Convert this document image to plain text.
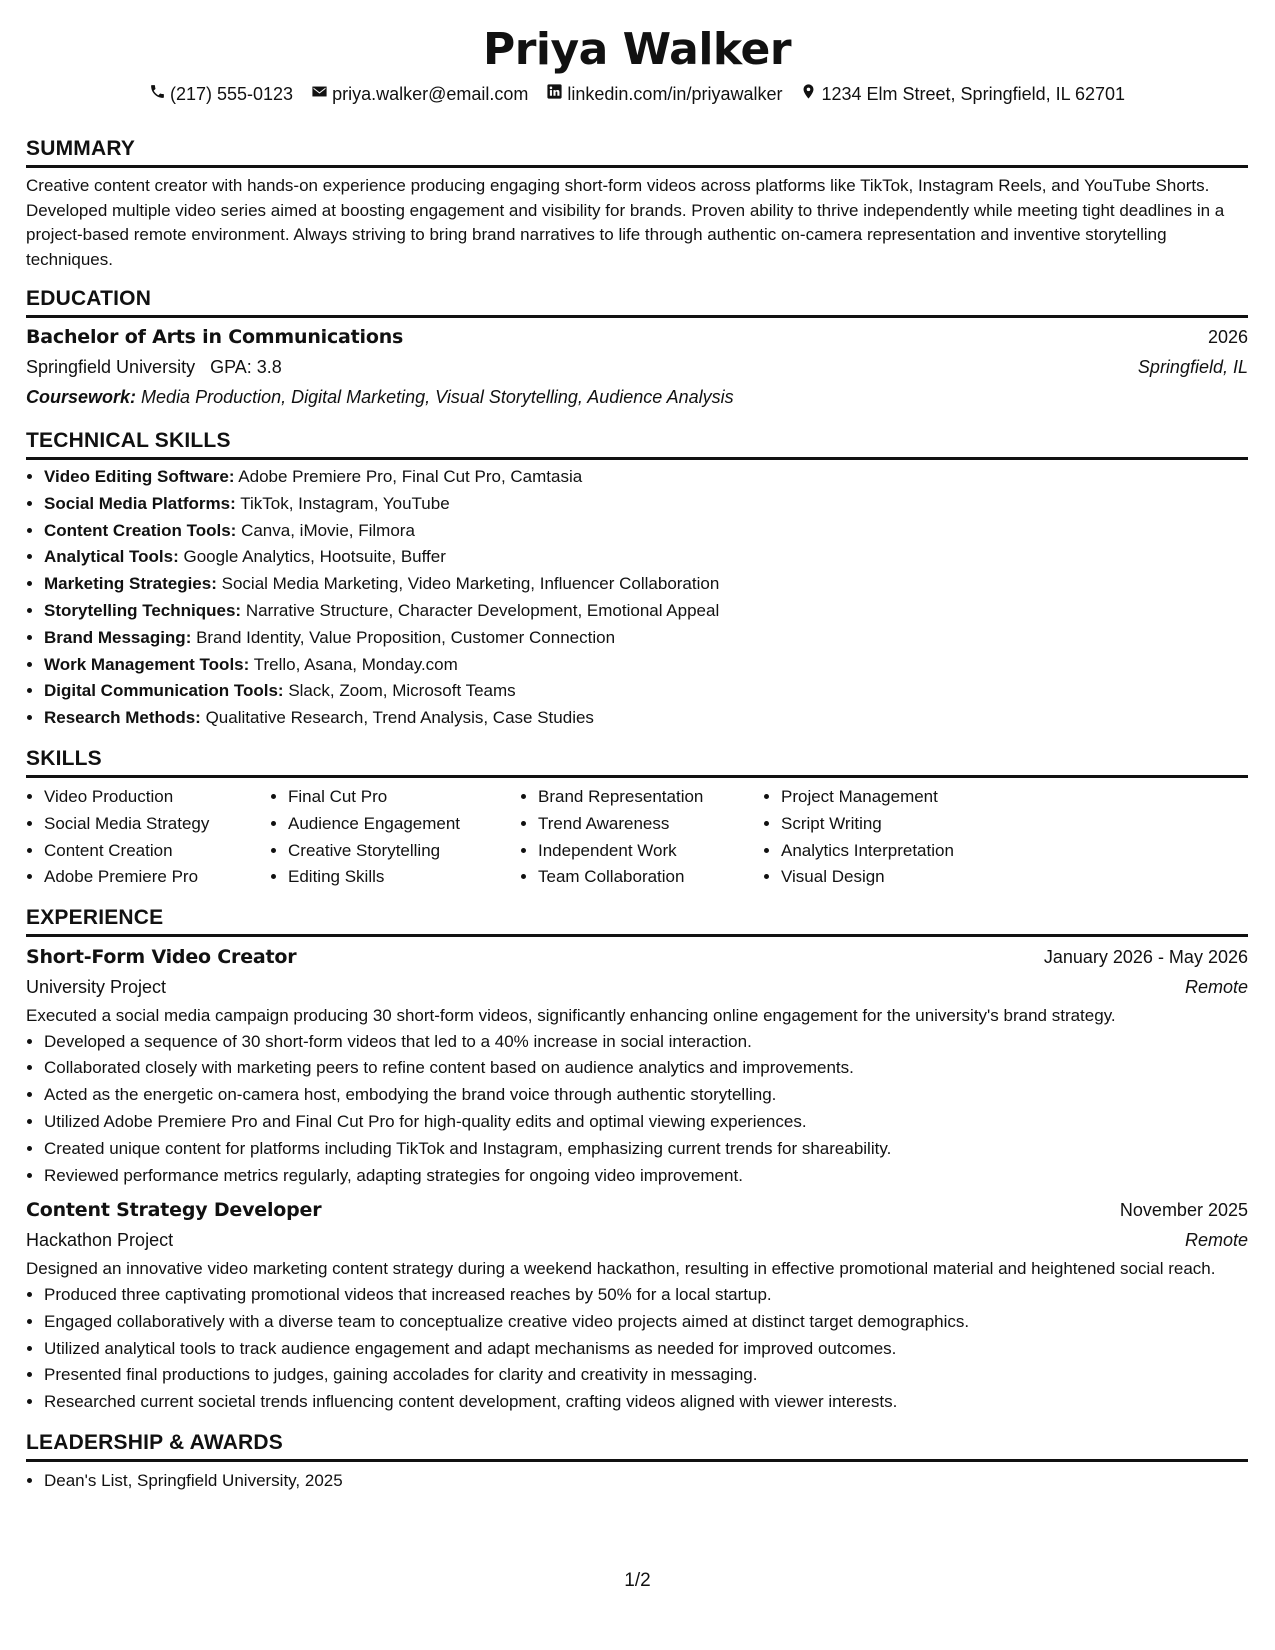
Priya Walker
(217) 555-0123 priya.walker@email.com linkedin.com/in/priyawalker 1234 Elm Street, Springfield, IL 62701
SUMMARY
Creative content creator with hands-on experience producing engaging short-form videos across platforms like TikTok, Instagram Reels, and YouTube Shorts. Developed multiple video series aimed at boosting engagement and visibility for brands. Proven ability to thrive independently while meeting tight deadlines in a project-based remote environment. Always striving to bring brand narratives to life through authentic on-camera representation and inventive storytelling techniques.
EDUCATION
Bachelor of Arts in Communications	2026
Springfield University GPA: 3.8	Springfield, IL
Coursework: Media Production, Digital Marketing, Visual Storytelling, Audience Analysis
TECHNICAL SKILLS
• Video Editing Software: Adobe Premiere Pro, Final Cut Pro, Camtasia
• Social Media Platforms: TikTok, Instagram, YouTube
• Content Creation Tools: Canva, iMovie, Filmora
• Analytical Tools: Google Analytics, Hootsuite, Buffer
• Marketing Strategies: Social Media Marketing, Video Marketing, Influencer Collaboration
• Storytelling Techniques: Narrative Structure, Character Development, Emotional Appeal
• Brand Messaging: Brand Identity, Value Proposition, Customer Connection
• Work Management Tools: Trello, Asana, Monday.com
• Digital Communication Tools: Slack, Zoom, Microsoft Teams
• Research Methods: Qualitative Research, Trend Analysis, Case Studies
SKILLS
• Video Production
• Social Media Strategy
• Content Creation
• Adobe Premiere Pro
• Final Cut Pro
• Audience Engagement
• Creative Storytelling
• Editing Skills
• Brand Representation
• Trend Awareness
• Independent Work
• Team Collaboration
• Project Management
• Script Writing
• Analytics Interpretation
• Visual Design
EXPERIENCE
Short-Form Video Creator	January 2026 - May 2026
University Project	Remote
Executed a social media campaign producing 30 short-form videos, significantly enhancing online engagement for the university's brand strategy.
• Developed a sequence of 30 short-form videos that led to a 40% increase in social interaction.
• Collaborated closely with marketing peers to refine content based on audience analytics and improvements.
• Acted as the energetic on-camera host, embodying the brand voice through authentic storytelling.
• Utilized Adobe Premiere Pro and Final Cut Pro for high-quality edits and optimal viewing experiences.
• Created unique content for platforms including TikTok and Instagram, emphasizing current trends for shareability.
• Reviewed performance metrics regularly, adapting strategies for ongoing video improvement.
Content Strategy Developer	November 2025
Hackathon Project	Remote
Designed an innovative video marketing content strategy during a weekend hackathon, resulting in effective promotional material and heightened social reach.
• Produced three captivating promotional videos that increased reaches by 50% for a local startup.
• Engaged collaboratively with a diverse team to conceptualize creative video projects aimed at distinct target demographics.
• Utilized analytical tools to track audience engagement and adapt mechanisms as needed for improved outcomes.
• Presented final productions to judges, gaining accolades for clarity and creativity in messaging.
• Researched current societal trends influencing content development, crafting videos aligned with viewer interests.
LEADERSHIP & AWARDS
• Dean's List, Springfield University, 2025
1/2
